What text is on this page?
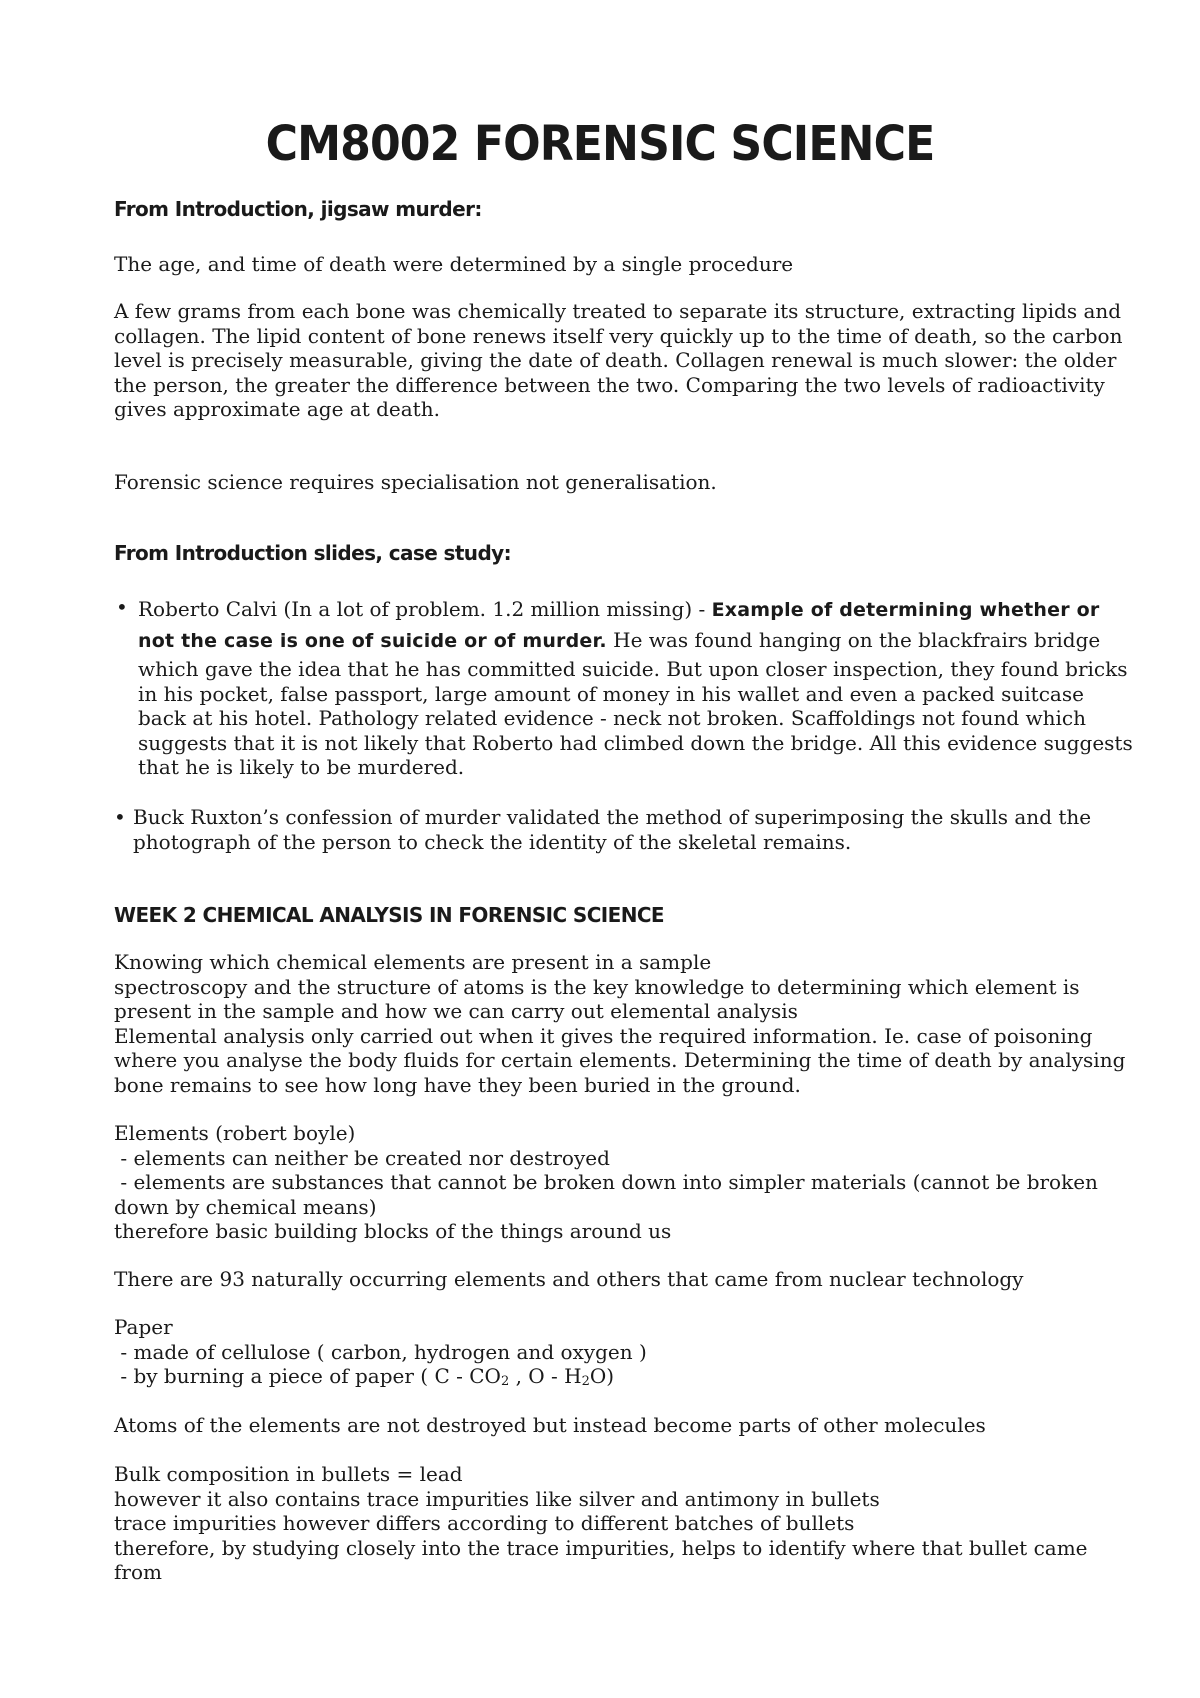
CM8002 FORENSIC SCIENCE
From Introduction, jigsaw murder:

The age, and time of death were determined by a single procedure

A few grams from each bone was chemically treated to separate its structure, extracting lipids and
collagen. The lipid content of bone renews itself very quickly up to the time of death, so the carbon
level is precisely measurable, giving the date of death. Collagen renewal is much slower: the older
the person, the greater the difference between the two. Comparing the two levels of radioactivity
gives approximate age at death.

Forensic science requires specialisation not generalisation.

From Introduction slides, case study:
• Roberto Calvi (In a lot of problem. 1.2 million missing) - Example of determining whether or
not the case is one of suicide or of murder. He was found hanging on the blackfrairs bridge
which gave the idea that he has committed suicide. But upon closer inspection, they found bricks
in his pocket, false passport, large amount of money in his wallet and even a packed suitcase
back at his hotel. Pathology related evidence - neck not broken. Scaffoldings not found which
suggests that it is not likely that Roberto had climbed down the bridge. All this evidence suggests
that he is likely to be murdered.
• Buck Ruxton’s confession of murder validated the method of superimposing the skulls and the
photograph of the person to check the identity of the skeletal remains.
WEEK 2 CHEMICAL ANALYSIS IN FORENSIC SCIENCE

Knowing which chemical elements are present in a sample
spectroscopy and the structure of atoms is the key knowledge to determining which element is
present in the sample and how we can carry out elemental analysis
Elemental analysis only carried out when it gives the required information. Ie. case of poisoning
where you analyse the body fluids for certain elements. Determining the time of death by analysing
bone remains to see how long have they been buried in the ground.

Elements (robert boyle)
- elements can neither be created nor destroyed
- elements are substances that cannot be broken down into simpler materials (cannot be broken
down by chemical means)
therefore basic building blocks of the things around us

There are 93 naturally occurring elements and others that came from nuclear technology

Paper
- made of cellulose ( carbon, hydrogen and oxygen )
- by burning a piece of paper ( C - CO2 , O - H2O)

Atoms of the elements are not destroyed but instead become parts of other molecules

Bulk composition in bullets = lead
however it also contains trace impurities like silver and antimony in bullets
trace impurities however differs according to different batches of bullets
therefore, by studying closely into the trace impurities, helps to identify where that bullet came
from
